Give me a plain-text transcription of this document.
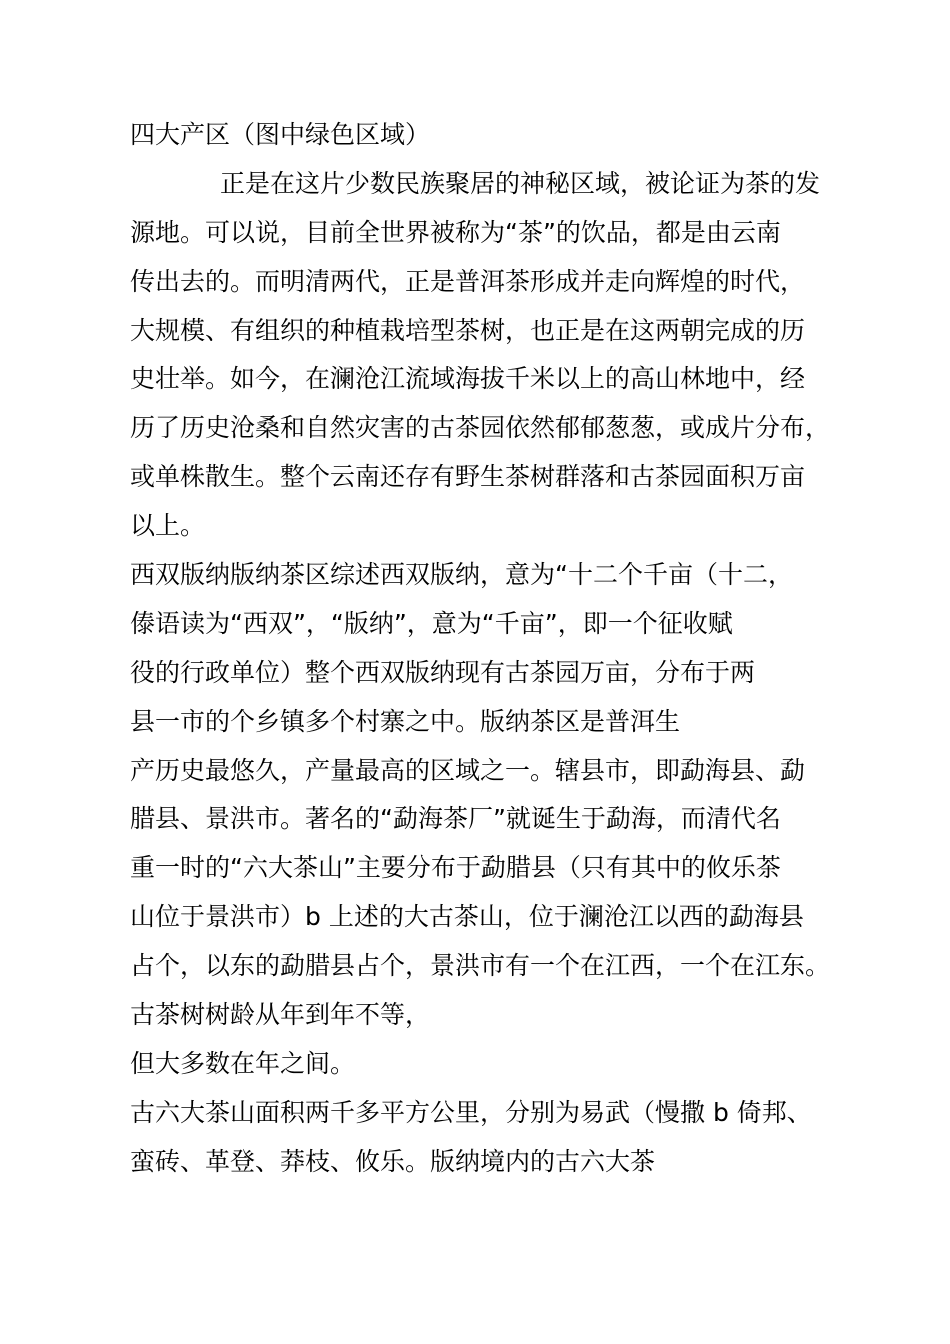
四大产区（图中绿色区域）
正是在这片少数民族聚居的神秘区域，被论证为茶的发
源地。可以说，目前全世界被称为“茶”的饮品，都是由云南
传出去的。而明清两代，正是普洱茶形成并走向辉煌的时代，
大规模、有组织的种植栽培型茶树，也正是在这两朝完成的历
史壮举。如今，在澜沧江流域海拔千米以上的高山林地中，经
历了历史沧桑和自然灾害的古茶园依然郁郁葱葱，或成片分布，
或单株散生。整个云南还存有野生茶树群落和古茶园面积万亩
以上。
西双版纳版纳茶区综述西双版纳，意为“十二个千亩（十二，
傣语读为“西双”，“版纳”，意为“千亩”，即一个征收赋
役的行政单位）整个西双版纳现有古茶园万亩，分布于两
县一市的个乡镇多个村寨之中。版纳茶区是普洱生
产历史最悠久，产量最高的区域之一。辖县市，即勐海县、勐
腊县、景洪市。著名的“勐海茶厂”就诞生于勐海，而清代名
重一时的“六大茶山”主要分布于勐腊县（只有其中的攸乐茶
山位于景洪市）b 上述的大古茶山，位于澜沧江以西的勐海县
占个，以东的勐腊县占个，景洪市有一个在江西，一个在江东。
古茶树树龄从年到年不等，
但大多数在年之间。
古六大茶山面积两千多平方公里，分别为易武（慢撒 b 倚邦、
蛮砖、革登、莽枝、攸乐。版纳境内的古六大茶
